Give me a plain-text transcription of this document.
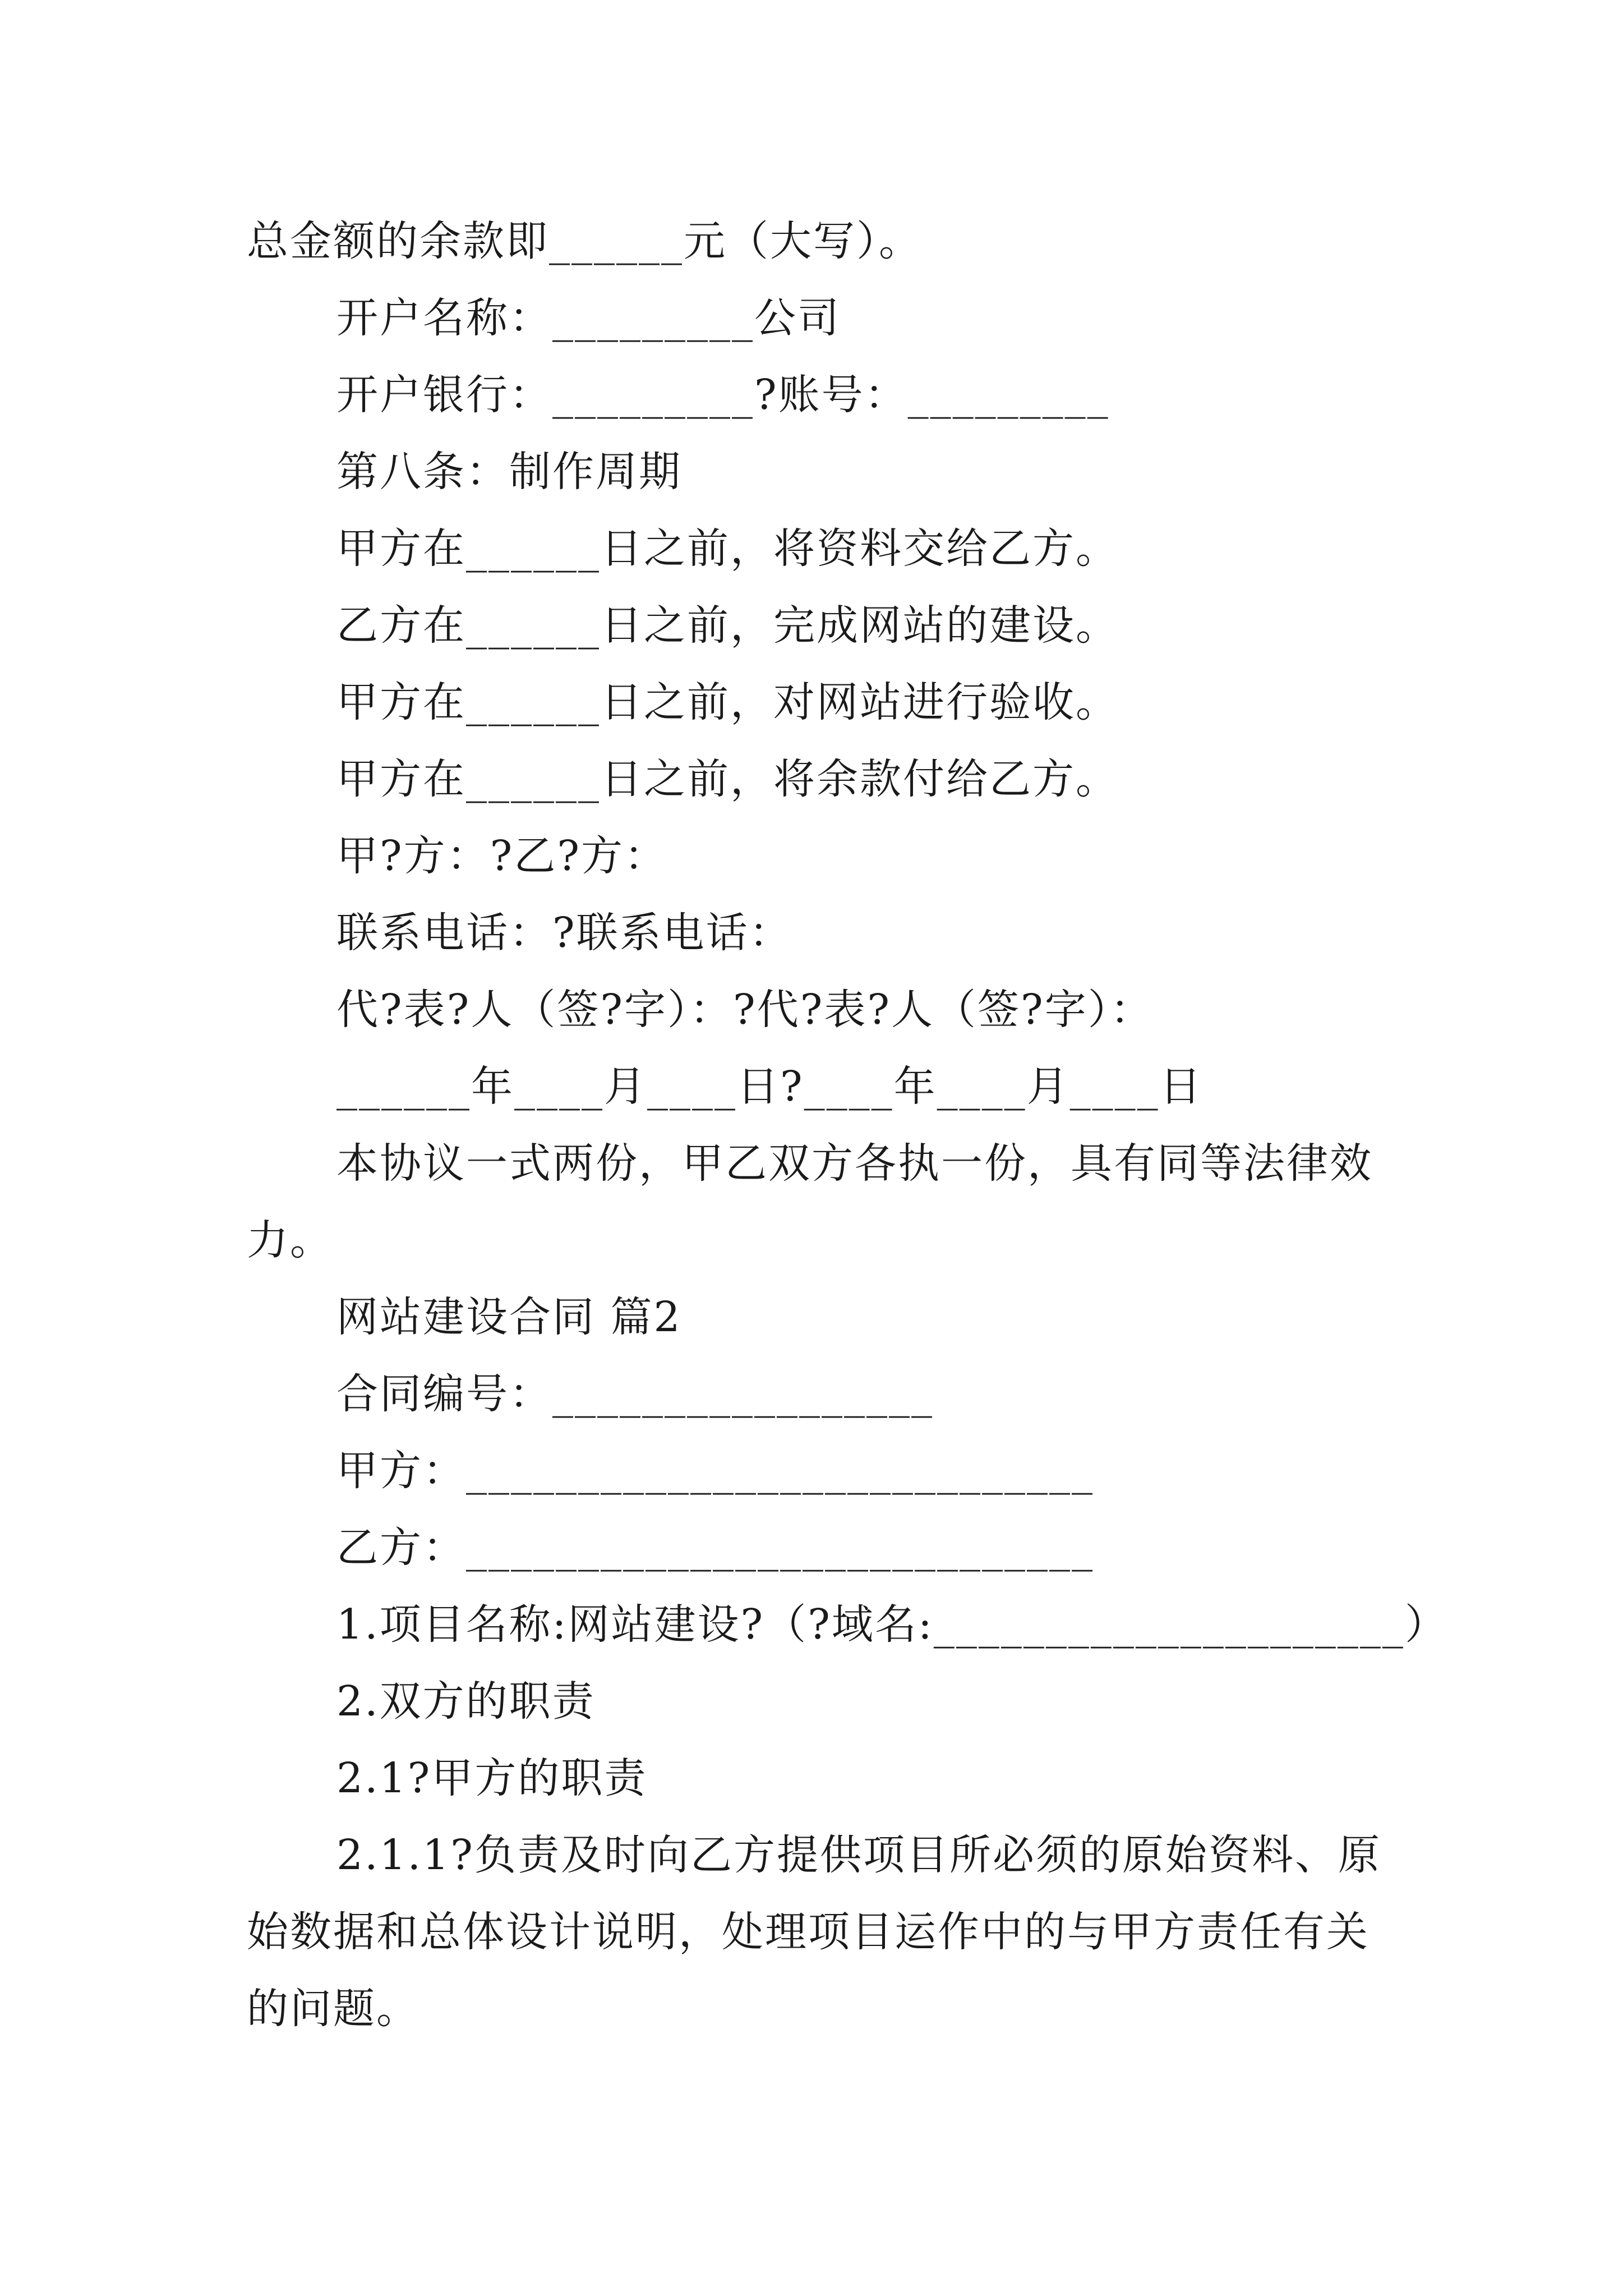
总金额的余款即______元（大写）。
开户名称：_________公司
开户银行：_________?账号：_________
第八条：制作周期
甲方在______日之前，将资料交给乙方。
乙方在______日之前，完成网站的建设。
甲方在______日之前，对网站进行验收。
甲方在______日之前，将余款付给乙方。
甲?方：?乙?方：
联系电话：?联系电话：
代?表?人（签?字）：?代?表?人（签?字）：
______年____月____日?____年____月____日
本协议一式两份，甲乙双方各执一份，具有同等法律效
力。
网站建设合同 篇2
合同编号：_________________
甲方：____________________________
乙方：____________________________
1.项目名称:网站建设?（?域名:_____________________）
2.双方的职责
2.1?甲方的职责
2.1.1?负责及时向乙方提供项目所必须的原始资料、原
始数据和总体设计说明，处理项目运作中的与甲方责任有关
的问题。
